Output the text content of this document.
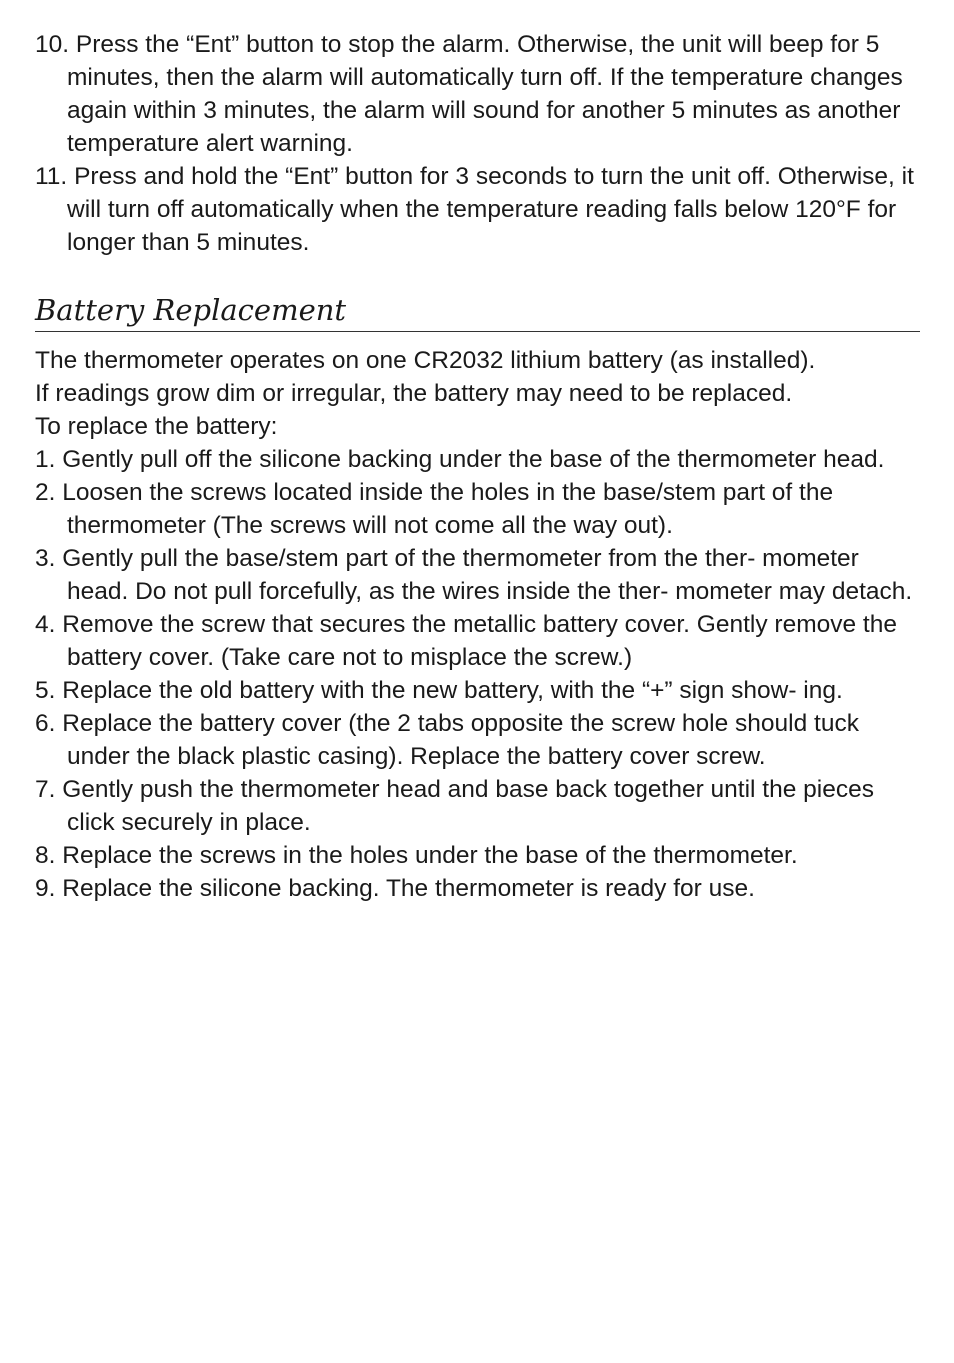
10. Press the “Ent” button to stop the alarm. Otherwise, the unit will beep for 5 minutes, then the alarm will automatically turn off. If the temperature changes again within 3 minutes, the alarm will sound for another 5 minutes as another temperature alert warning.
11. Press and hold the “Ent” button for 3 seconds to turn the unit off. Otherwise, it will turn off automatically when the temperature reading falls below 120°F for longer than 5 minutes.
Battery Replacement

The thermometer operates on one CR2032 lithium battery (as installed).

If readings grow dim or irregular, the battery may need to be replaced.

To replace the battery:

1. Gently pull off the silicone backing under the base of the thermometer head.
2. Loosen the screws located inside the holes in the base/stem part of the thermometer (The screws will not come all the way out).
3. Gently pull the base/stem part of the thermometer from the ther- mometer head. Do not pull forcefully, as the wires inside the ther- mometer may detach.
4. Remove the screw that secures the metallic battery cover. Gently remove the battery cover. (Take care not to misplace the screw.)
5. Replace the old battery with the new battery, with the “+” sign show- ing.
6. Replace the battery cover (the 2 tabs opposite the screw hole should tuck under the black plastic casing). Replace the battery cover screw.
7. Gently push the thermometer head and base back together until the pieces click securely in place.
8. Replace the screws in the holes under the base of the thermometer.
9. Replace the silicone backing. The thermometer is ready for use.
